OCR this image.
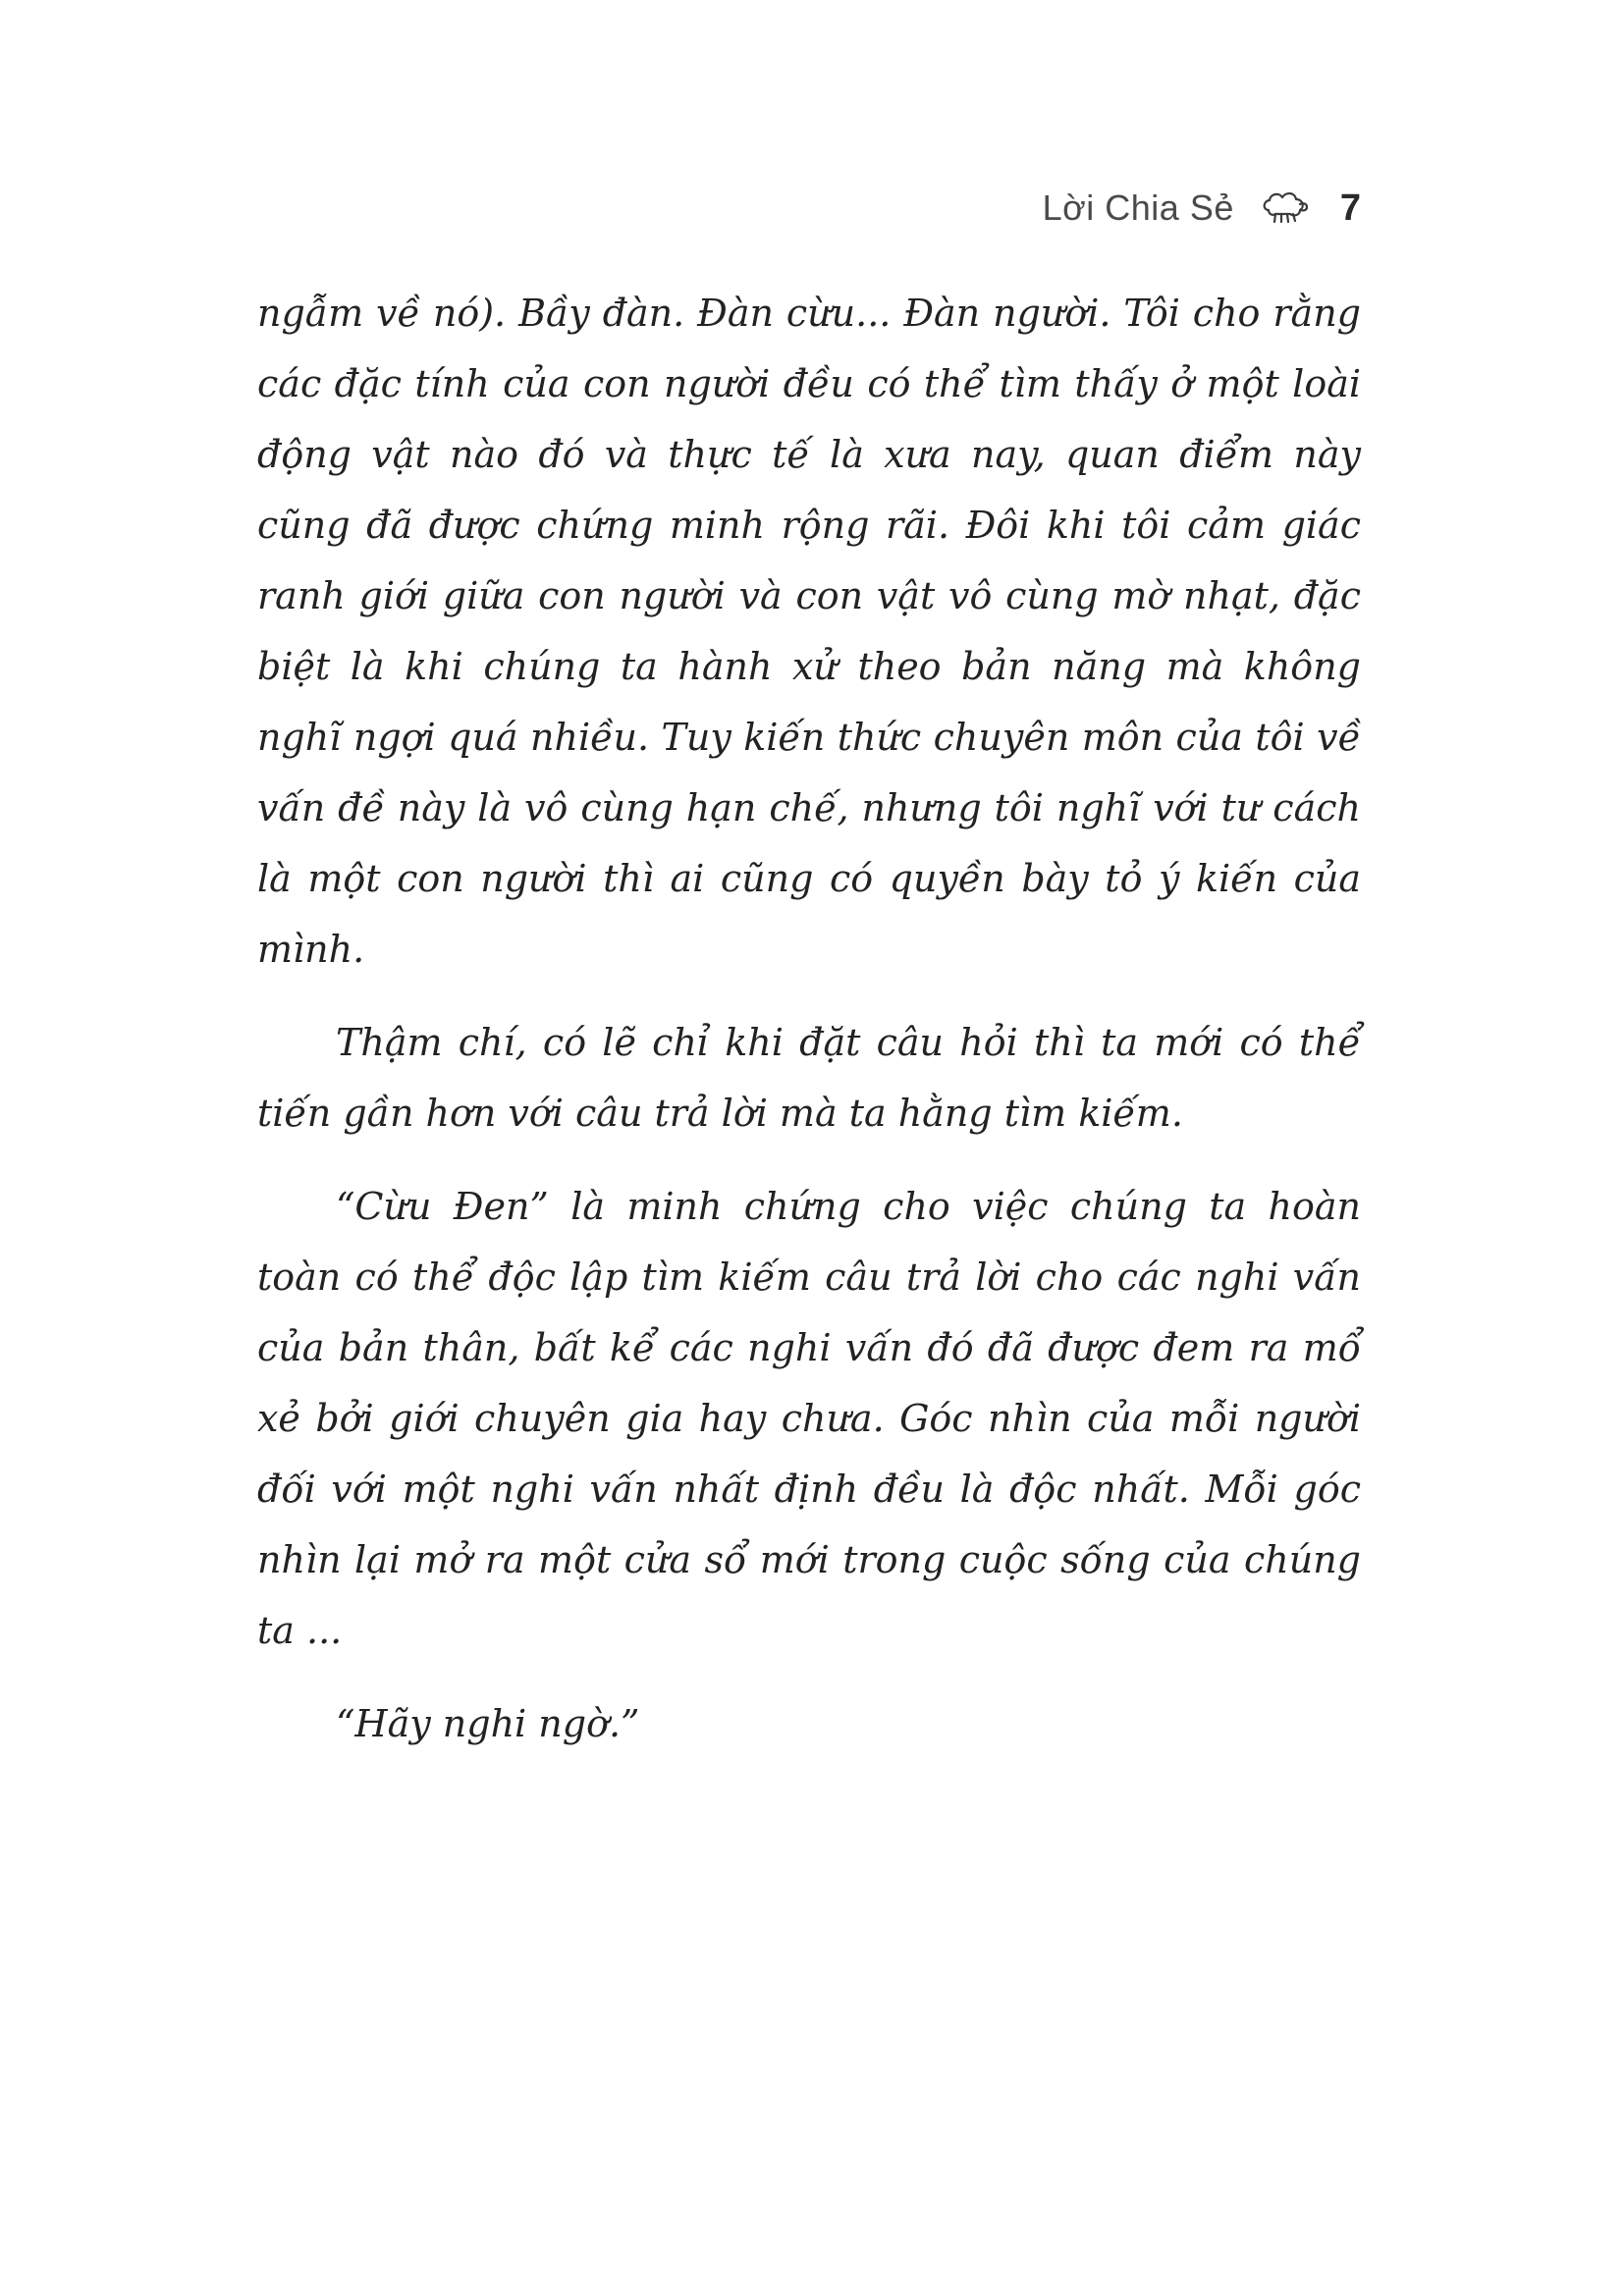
Lời Chia Sẻ	7

ngẫm về nó). Bầy đàn. Đàn cừu... Đàn người. Tôi cho rằng các đặc tính của con người đều có thể tìm thấy ở một loài động vật nào đó và thực tế là xưa nay, quan điểm này cũng đã được chứng minh rộng rãi. Đôi khi tôi cảm giác ranh giới giữa con người và con vật vô cùng mờ nhạt, đặc biệt là khi chúng ta hành xử theo bản năng mà không nghĩ ngợi quá nhiều. Tuy kiến thức chuyên môn của tôi về vấn đề này là vô cùng hạn chế, nhưng tôi nghĩ với tư cách là một con người thì ai cũng có quyền bày tỏ ý kiến của mình.

Thậm chí, có lẽ chỉ khi đặt câu hỏi thì ta mới có thể tiến gần hơn với câu trả lời mà ta hằng tìm kiếm.

“Cừu Đen” là minh chứng cho việc chúng ta hoàn toàn có thể độc lập tìm kiếm câu trả lời cho các nghi vấn của bản thân, bất kể các nghi vấn đó đã được đem ra mổ xẻ bởi giới chuyên gia hay chưa. Góc nhìn của mỗi người đối với một nghi vấn nhất định đều là độc nhất. Mỗi góc nhìn lại mở ra một cửa sổ mới trong cuộc sống của chúng ta ...

“Hãy nghi ngờ.”
